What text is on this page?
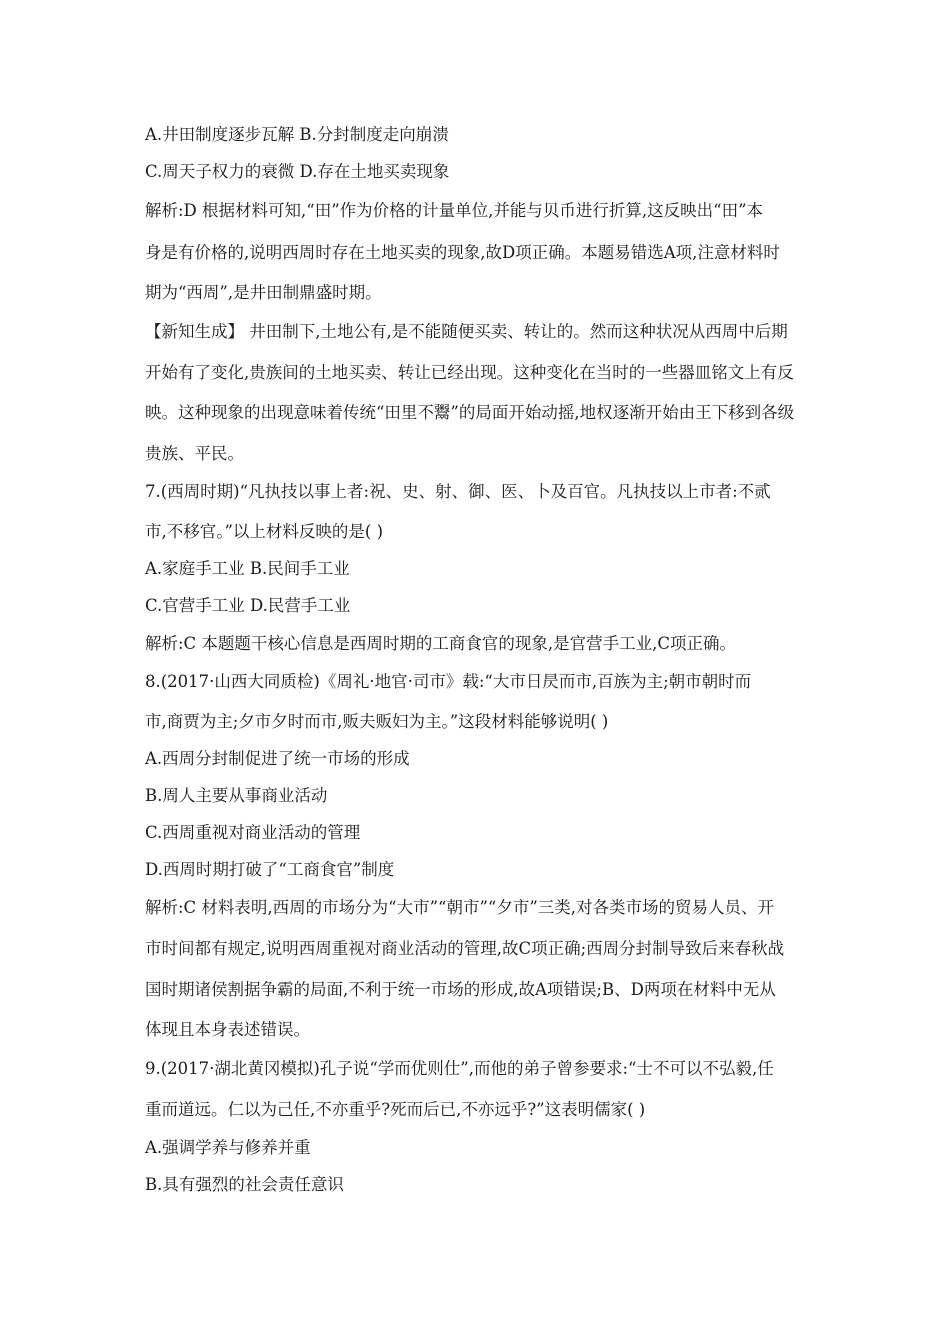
A.井田制度逐步瓦解 B.分封制度走向崩溃
C.周天子权力的衰微 D.存在土地买卖现象
解析:D 根据材料可知,“田”作为价格的计量单位,并能与贝币进行折算,这反映出“田”本
身是有价格的,说明西周时存在土地买卖的现象,故D项正确。本题易错选A项,注意材料时
期为“西周”,是井田制鼎盛时期。
【新知生成】 井田制下,土地公有,是不能随便买卖、转让的。然而这种状况从西周中后期
开始有了变化,贵族间的土地买卖、转让已经出现。这种变化在当时的一些器皿铭文上有反
映。这种现象的出现意味着传统“田里不鬻”的局面开始动摇,地权逐渐开始由王下移到各级
贵族、平民。
7.(西周时期)“凡执技以事上者:祝、史、射、御、医、卜及百官。凡执技以上市者:不贰
市,不移官。”以上材料反映的是( )
A.家庭手工业 B.民间手工业
C.官营手工业 D.民营手工业
解析:C 本题题干核心信息是西周时期的工商食官的现象,是官营手工业,C项正确。
8.(2017·山西大同质检)《周礼·地官·司市》载:“大市日昃而市,百族为主;朝市朝时而
市,商贾为主;夕市夕时而市,贩夫贩妇为主。”这段材料能够说明( )
A.西周分封制促进了统一市场的形成
B.周人主要从事商业活动
C.西周重视对商业活动的管理
D.西周时期打破了“工商食官”制度
解析:C 材料表明,西周的市场分为“大市”“朝市”“夕市”三类,对各类市场的贸易人员、开
市时间都有规定,说明西周重视对商业活动的管理,故C项正确;西周分封制导致后来春秋战
国时期诸侯割据争霸的局面,不利于统一市场的形成,故A项错误;B、D两项在材料中无从
体现且本身表述错误。
9.(2017·湖北黄冈模拟)孔子说“学而优则仕”,而他的弟子曾参要求:“士不可以不弘毅,任
重而道远。仁以为己任,不亦重乎?死而后已,不亦远乎?”这表明儒家( )
A.强调学养与修养并重
B.具有强烈的社会责任意识
